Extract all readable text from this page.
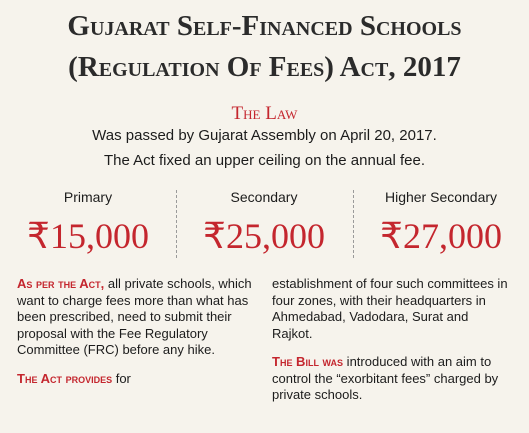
Gujarat Self-Financed Schools
(Regulation Of Fees) Act, 2017
The Law
Was passed by Gujarat Assembly on April 20, 2017.
The Act fixed an upper ceiling on the annual fee.
Primary
₹15,000
Secondary
₹25,000
Higher Secondary
₹27,000

As per the Act, all private schools, which want to charge fees more than what has been prescribed, need to submit their proposal with the Fee Regulatory Committee (FRC) before any hike.

The Act provides for

establishment of four such committees in four zones, with their headquarters in Ahmedabad, Vadodara, Surat and Rajkot.

The Bill was introduced with an aim to control the “exorbitant fees” charged by private schools.
